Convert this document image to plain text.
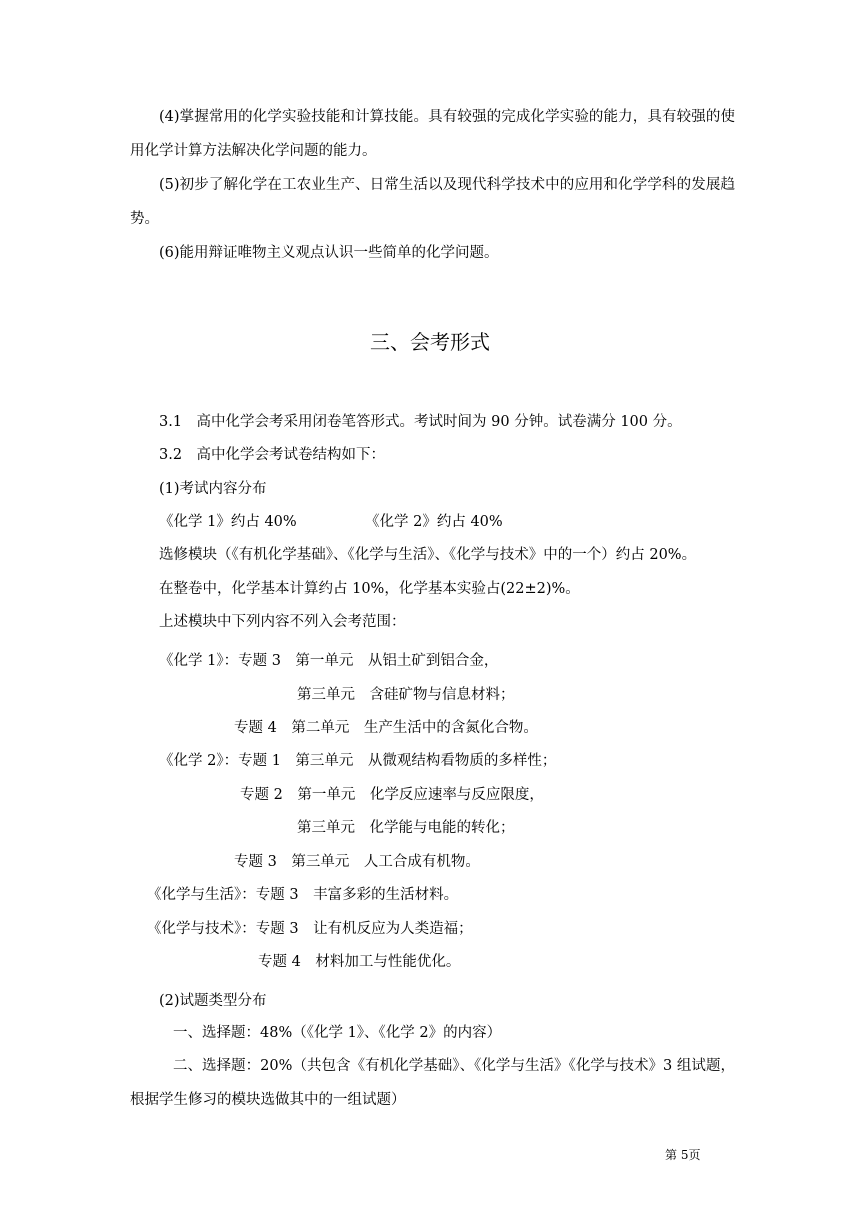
(4)掌握常用的化学实验技能和计算技能。具有较强的完成化学实验的能力，具有较强的使用化学计算方法解决化学问题的能力。
(5)初步了解化学在工农业生产、日常生活以及现代科学技术中的应用和化学学科的发展趋势。
(6)能用辩证唯物主义观点认识一些简单的化学问题。
三、会考形式
3.1　高中化学会考采用闭卷笔答形式。考试时间为 90 分钟。试卷满分 100 分。
3.2　高中化学会考试卷结构如下：
(1)考试内容分布
《化学 1》约占 40%	《化学 2》约占 40%
选修模块（《有机化学基础》、《化学与生活》、《化学与技术》中的一个）约占 20%。
在整卷中，化学基本计算约占 10%，化学基本实验占(22±2)%。
上述模块中下列内容不列入会考范围：
《化学 1》：专题 3　第一单元　从铝土矿到铝合金，
第三单元　含硅矿物与信息材料；
专题 4　第二单元　生产生活中的含氮化合物。
《化学 2》：专题 1　第三单元　从微观结构看物质的多样性；
专题 2　第一单元　化学反应速率与反应限度，
第三单元　化学能与电能的转化；
专题 3　第三单元　人工合成有机物。
《化学与生活》：专题 3　丰富多彩的生活材料。
《化学与技术》：专题 3　让有机反应为人类造福；
专题 4　材料加工与性能优化。
(2)试题类型分布
一、选择题：48%（《化学 1》、《化学 2》的内容）
二、选择题：20%（共包含《有机化学基础》、《化学与生活》《化学与技术》3 组试题，根据学生修习的模块选做其中的一组试题）
第 5页
